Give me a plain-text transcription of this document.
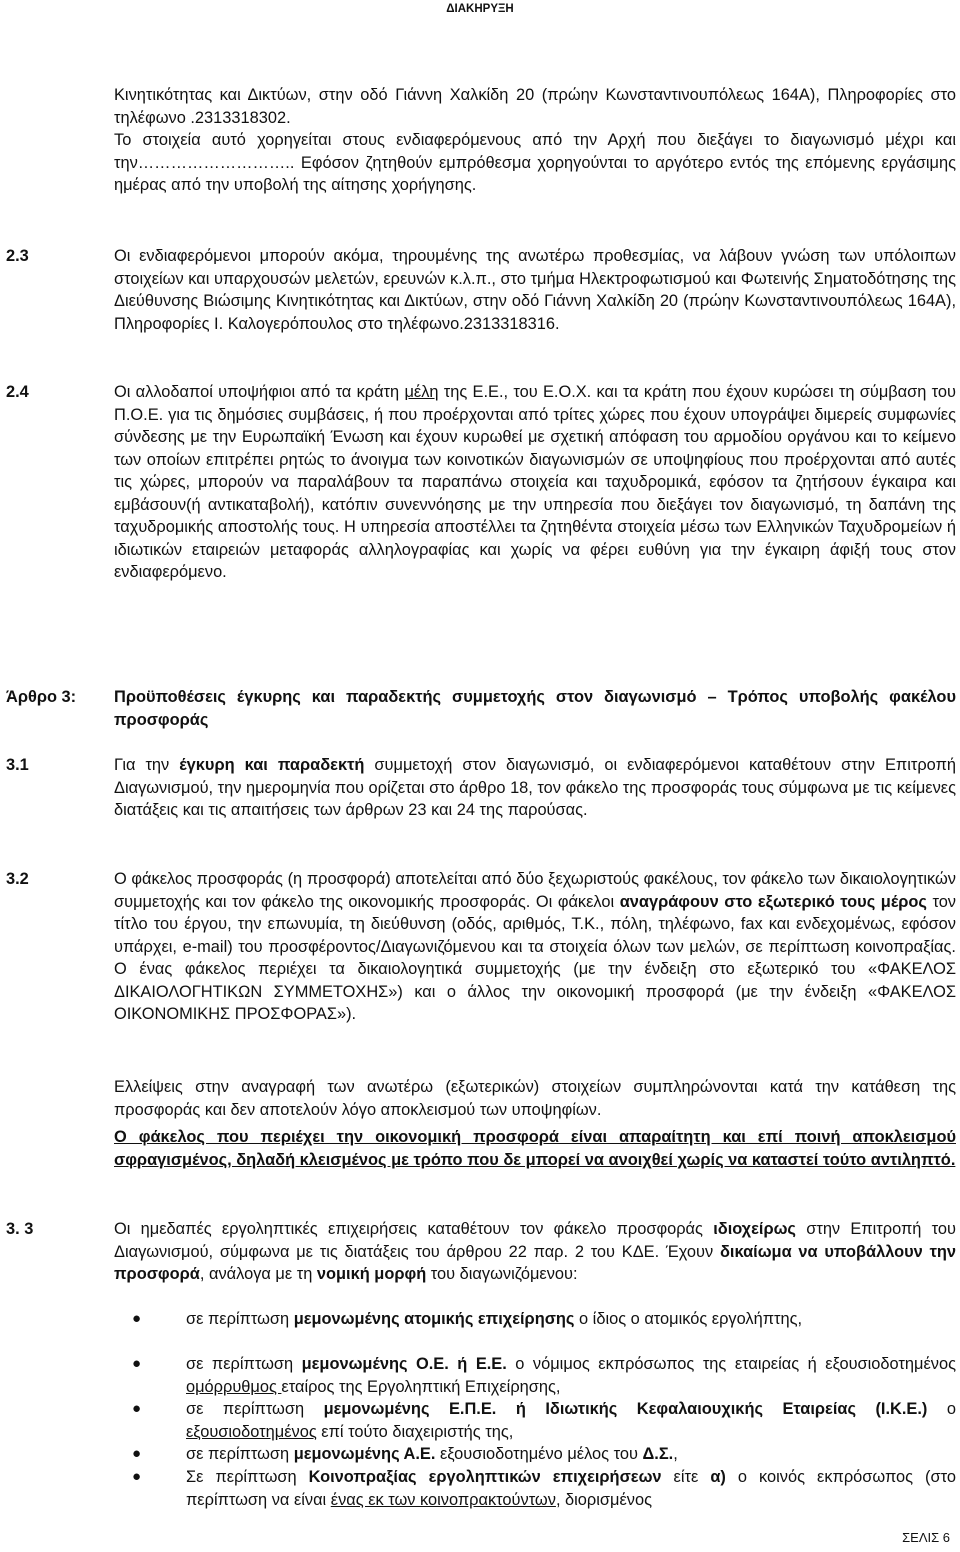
ΔΙΑΚΗΡΥΞΗ

Κινητικότητας και Δικτύων, στην οδό Γιάννη Χαλκίδη 20 (πρώην Κωνσταντινουπόλεως 164Α), Πληροφορίες στο τηλέφωνο .2313318302.

Το στοιχεία αυτό χορηγείται στους ενδιαφερόμενους από την Αρχή που διεξάγει το διαγωνισμό μέχρι και την……………………….. Εφόσον ζητηθούν εμπρόθεσμα χορηγούνται το αργότερο εντός της επόμενης εργάσιμης ημέρας από την υποβολή της αίτησης χορήγησης.

2.3	Οι ενδιαφερόμενοι μπορούν ακόμα, τηρουμένης της ανωτέρω προθεσμίας, να λάβουν γνώση των υπόλοιπων στοιχείων και υπαρχουσών μελετών, ερευνών κ.λ.π., στο τμήμα Ηλεκτροφωτισμού και Φωτεινής Σηματοδότησης της Διεύθυνσης Βιώσιμης Κινητικότητας και Δικτύων, στην οδό Γιάννη Χαλκίδη 20 (πρώην Κωνσταντινουπόλεως 164Α), Πληροφορίες Ι. Καλογερόπουλος στο τηλέφωνο.2313318316.

2.4	Οι αλλοδαποί υποψήφιοι από τα κράτη μέλη της Ε.Ε., του Ε.Ο.Χ. και τα κράτη που έχουν κυρώσει τη σύμβαση του Π.Ο.Ε. για τις δημόσιες συμβάσεις, ή που προέρχονται από τρίτες χώρες που έχουν υπογράψει διμερείς συμφωνίες σύνδεσης με την Ευρωπαϊκή Ένωση και έχουν κυρωθεί με σχετική απόφαση του αρμοδίου οργάνου και το κείμενο των οποίων επιτρέπει ρητώς το άνοιγμα των κοινοτικών διαγωνισμών σε υποψηφίους που προέρχονται από αυτές τις χώρες, μπορούν να παραλάβουν τα παραπάνω στοιχεία και ταχυδρομικά, εφόσον τα ζητήσουν έγκαιρα και εμβάσουν(ή αντικαταβολή), κατόπιν συνεννόησης με την υπηρεσία που διεξάγει τον διαγωνισμό, τη δαπάνη της ταχυδρομικής αποστολής τους. Η υπηρεσία αποστέλλει τα ζητηθέντα στοιχεία μέσω των Ελληνικών Ταχυδρομείων ή ιδιωτικών εταιρειών μεταφοράς αλληλογραφίας και χωρίς να φέρει ευθύνη για την έγκαιρη άφιξή τους στον ενδιαφερόμενο.

Άρθρο 3: Προϋποθέσεις έγκυρης και παραδεκτής συμμετοχής στον διαγωνισμό – Τρόπος υποβολής φακέλου προσφοράς

3.1	Για την έγκυρη και παραδεκτή συμμετοχή στον διαγωνισμό, οι ενδιαφερόμενοι καταθέτουν στην Επιτροπή Διαγωνισμού, την ημερομηνία που ορίζεται στο άρθρο 18, τον φάκελο της προσφοράς τους σύμφωνα με τις κείμενες διατάξεις και τις απαιτήσεις των άρθρων 23 και 24 της παρούσας.

3.2	Ο φάκελος προσφοράς (η προσφορά) αποτελείται από δύο ξεχωριστούς φακέλους, τον φάκελο των δικαιολογητικών συμμετοχής και τον φάκελο της οικονομικής προσφοράς. Οι φάκελοι αναγράφουν στο εξωτερικό τους μέρος τον τίτλο του έργου, την επωνυμία, τη διεύθυνση (οδός, αριθμός, Τ.Κ., πόλη, τηλέφωνο, fax και ενδεχομένως, εφόσον υπάρχει, e-mail) του προσφέροντος/Διαγωνιζόμενου και τα στοιχεία όλων των μελών, σε περίπτωση κοινοπραξίας. Ο ένας φάκελος περιέχει τα δικαιολογητικά συμμετοχής (με την ένδειξη στο εξωτερικό του «ΦΑΚΕΛΟΣ ΔΙΚΑΙΟΛΟΓΗΤΙΚΩΝ ΣΥΜΜΕΤΟΧΗΣ») και ο άλλος την οικονομική προσφορά (με την ένδειξη «ΦΑΚΕΛΟΣ ΟΙΚΟΝΟΜΙΚΗΣ ΠΡΟΣΦΟΡΑΣ»).

Ελλείψεις στην αναγραφή των ανωτέρω (εξωτερικών) στοιχείων συμπληρώνονται κατά την κατάθεση της προσφοράς και δεν αποτελούν λόγο αποκλεισμού των υποψηφίων.

Ο φάκελος που περιέχει την οικονομική προσφορά είναι απαραίτητη και επί ποινή αποκλεισμού σφραγισμένος, δηλαδή κλεισμένος με τρόπο που δε μπορεί να ανοιχθεί χωρίς να καταστεί τούτο αντιληπτό.

3. 3	Οι ημεδαπές εργοληπτικές επιχειρήσεις καταθέτουν τον φάκελο προσφοράς ιδιοχείρως στην Επιτροπή του Διαγωνισμού, σύμφωνα με τις διατάξεις του άρθρου 22 παρ. 2 του ΚΔΕ. Έχουν δικαίωμα να υποβάλλουν την προσφορά, ανάλογα με τη νομική μορφή του διαγωνιζόμενου:

●	σε περίπτωση μεμονωμένης ατομικής επιχείρησης ο ίδιος ο ατομικός εργολήπτης,
●	σε περίπτωση μεμονωμένης Ο.Ε. ή Ε.Ε. ο νόμιμος εκπρόσωπος της εταιρείας ή εξουσιοδοτημένος ομόρρυθμος εταίρος της Εργοληπτική Επιχείρησης,
●	σε περίπτωση μεμονωμένης Ε.Π.Ε. ή Ιδιωτικής Κεφαλαιουχικής Εταιρείας (Ι.Κ.Ε.) ο εξουσιοδοτημένος επί τούτο διαχειριστής της,
●	σε περίπτωση μεμονωμένης Α.Ε. εξουσιοδοτημένο μέλος του Δ.Σ.,
●	Σε περίπτωση Κοινοπραξίας εργοληπτικών επιχειρήσεων είτε α) ο κοινός εκπρόσωπος (στο περίπτωση να είναι ένας εκ των κοινοπρακτούντων, διορισμένος
ΣΕΛΙΣ 6
